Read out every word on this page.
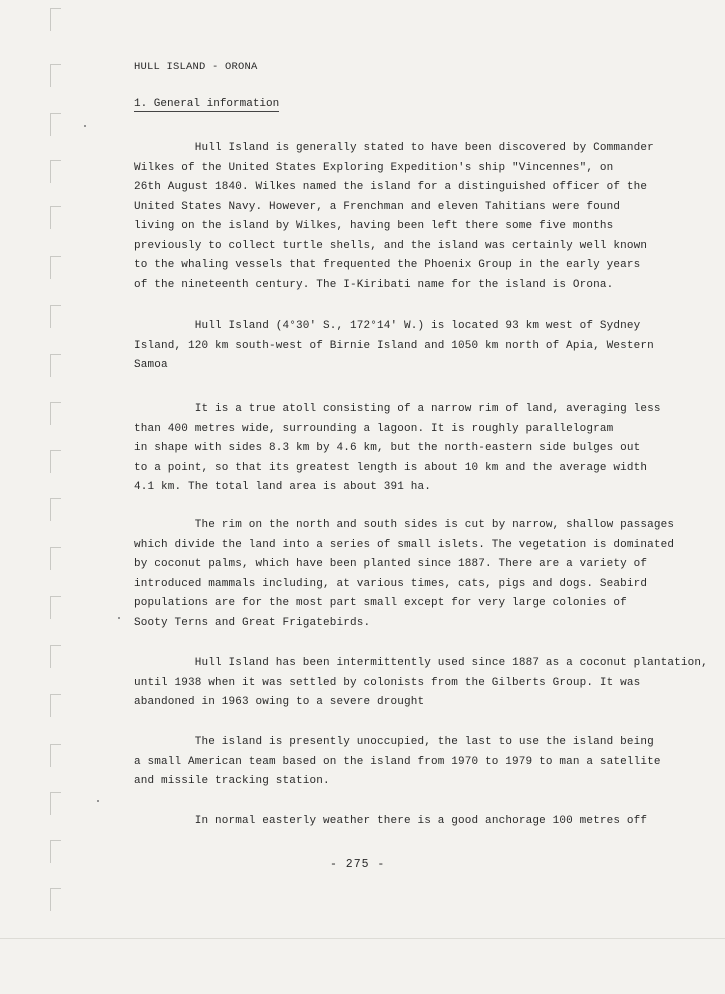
HULL ISLAND - ORONA
1. General information

Hull Island is generally stated to have been discovered by Commander
Wilkes of the United States Exploring Expedition's ship "Vincennes", on
26th August 1840. Wilkes named the island for a distinguished officer of the
United States Navy. However, a Frenchman and eleven Tahitians were found
living on the island by Wilkes, having been left there some five months
previously to collect turtle shells, and the island was certainly well known
to the whaling vessels that frequented the Phoenix Group in the early years
of the nineteenth century. The I-Kiribati name for the island is Orona.

Hull Island (4°30' S., 172°14' W.) is located 93 km west of Sydney
Island, 120 km south-west of Birnie Island and 1050 km north of Apia, Western
Samoa

It is a true atoll consisting of a narrow rim of land, averaging less
than 400 metres wide, surrounding a lagoon. It is roughly parallelogram
in shape with sides 8.3 km by 4.6 km, but the north-eastern side bulges out
to a point, so that its greatest length is about 10 km and the average width
4.1 km. The total land area is about 391 ha.

The rim on the north and south sides is cut by narrow, shallow passages
which divide the land into a series of small islets. The vegetation is dominated
by coconut palms, which have been planted since 1887. There are a variety of
introduced mammals including, at various times, cats, pigs and dogs. Seabird
populations are for the most part small except for very large colonies of
Sooty Terns and Great Frigatebirds.

Hull Island has been intermittently used since 1887 as a coconut plantation,
until 1938 when it was settled by colonists from the Gilberts Group. It was
abandoned in 1963 owing to a severe drought

The island is presently unoccupied, the last to use the island being
a small American team based on the island from 1970 to 1979 to man a satellite
and missile tracking station.

In normal easterly weather there is a good anchorage 100 metres off

- 275 -
